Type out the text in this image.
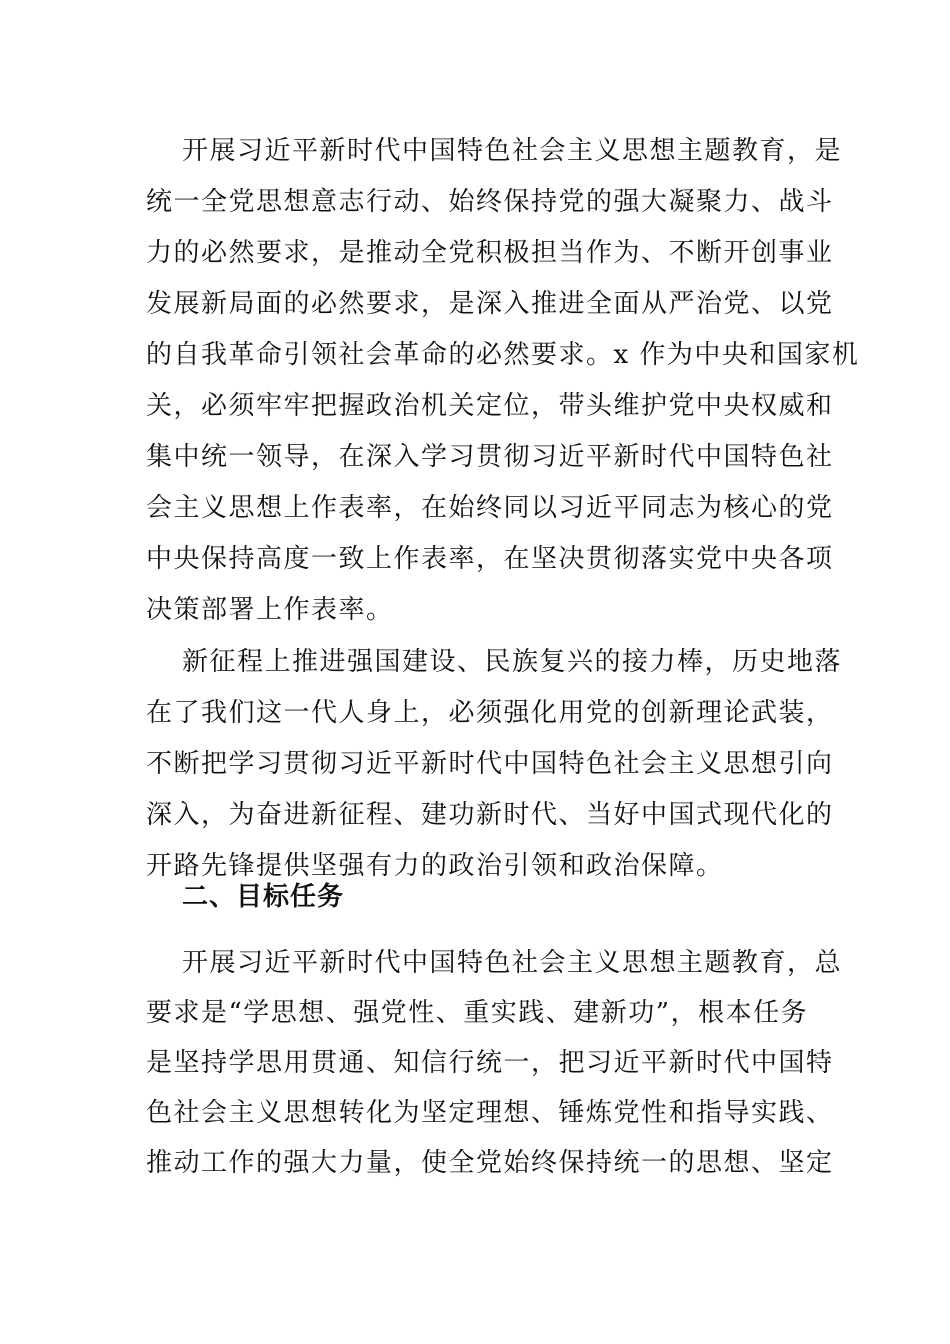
开展习近平新时代中国特色社会主义思想主题教育，是
统一全党思想意志行动、始终保持党的强大凝聚力、战斗
力的必然要求，是推动全党积极担当作为、不断开创事业
发展新局面的必然要求，是深入推进全面从严治党、以党
的自我革命引领社会革命的必然要求。x 作为中央和国家机
关，必须牢牢把握政治机关定位，带头维护党中央权威和
集中统一领导，在深入学习贯彻习近平新时代中国特色社
会主义思想上作表率，在始终同以习近平同志为核心的党
中央保持高度一致上作表率，在坚决贯彻落实党中央各项
决策部署上作表率。
新征程上推进强国建设、民族复兴的接力棒，历史地落
在了我们这一代人身上，必须强化用党的创新理论武装，
不断把学习贯彻习近平新时代中国特色社会主义思想引向
深入，为奋进新征程、建功新时代、当好中国式现代化的
开路先锋提供坚强有力的政治引领和政治保障。
二、目标任务
开展习近平新时代中国特色社会主义思想主题教育，总
要求是“学思想、强党性、重实践、建新功”，根本任务
是坚持学思用贯通、知信行统一，把习近平新时代中国特
色社会主义思想转化为坚定理想、锤炼党性和指导实践、
推动工作的强大力量，使全党始终保持统一的思想、坚定
